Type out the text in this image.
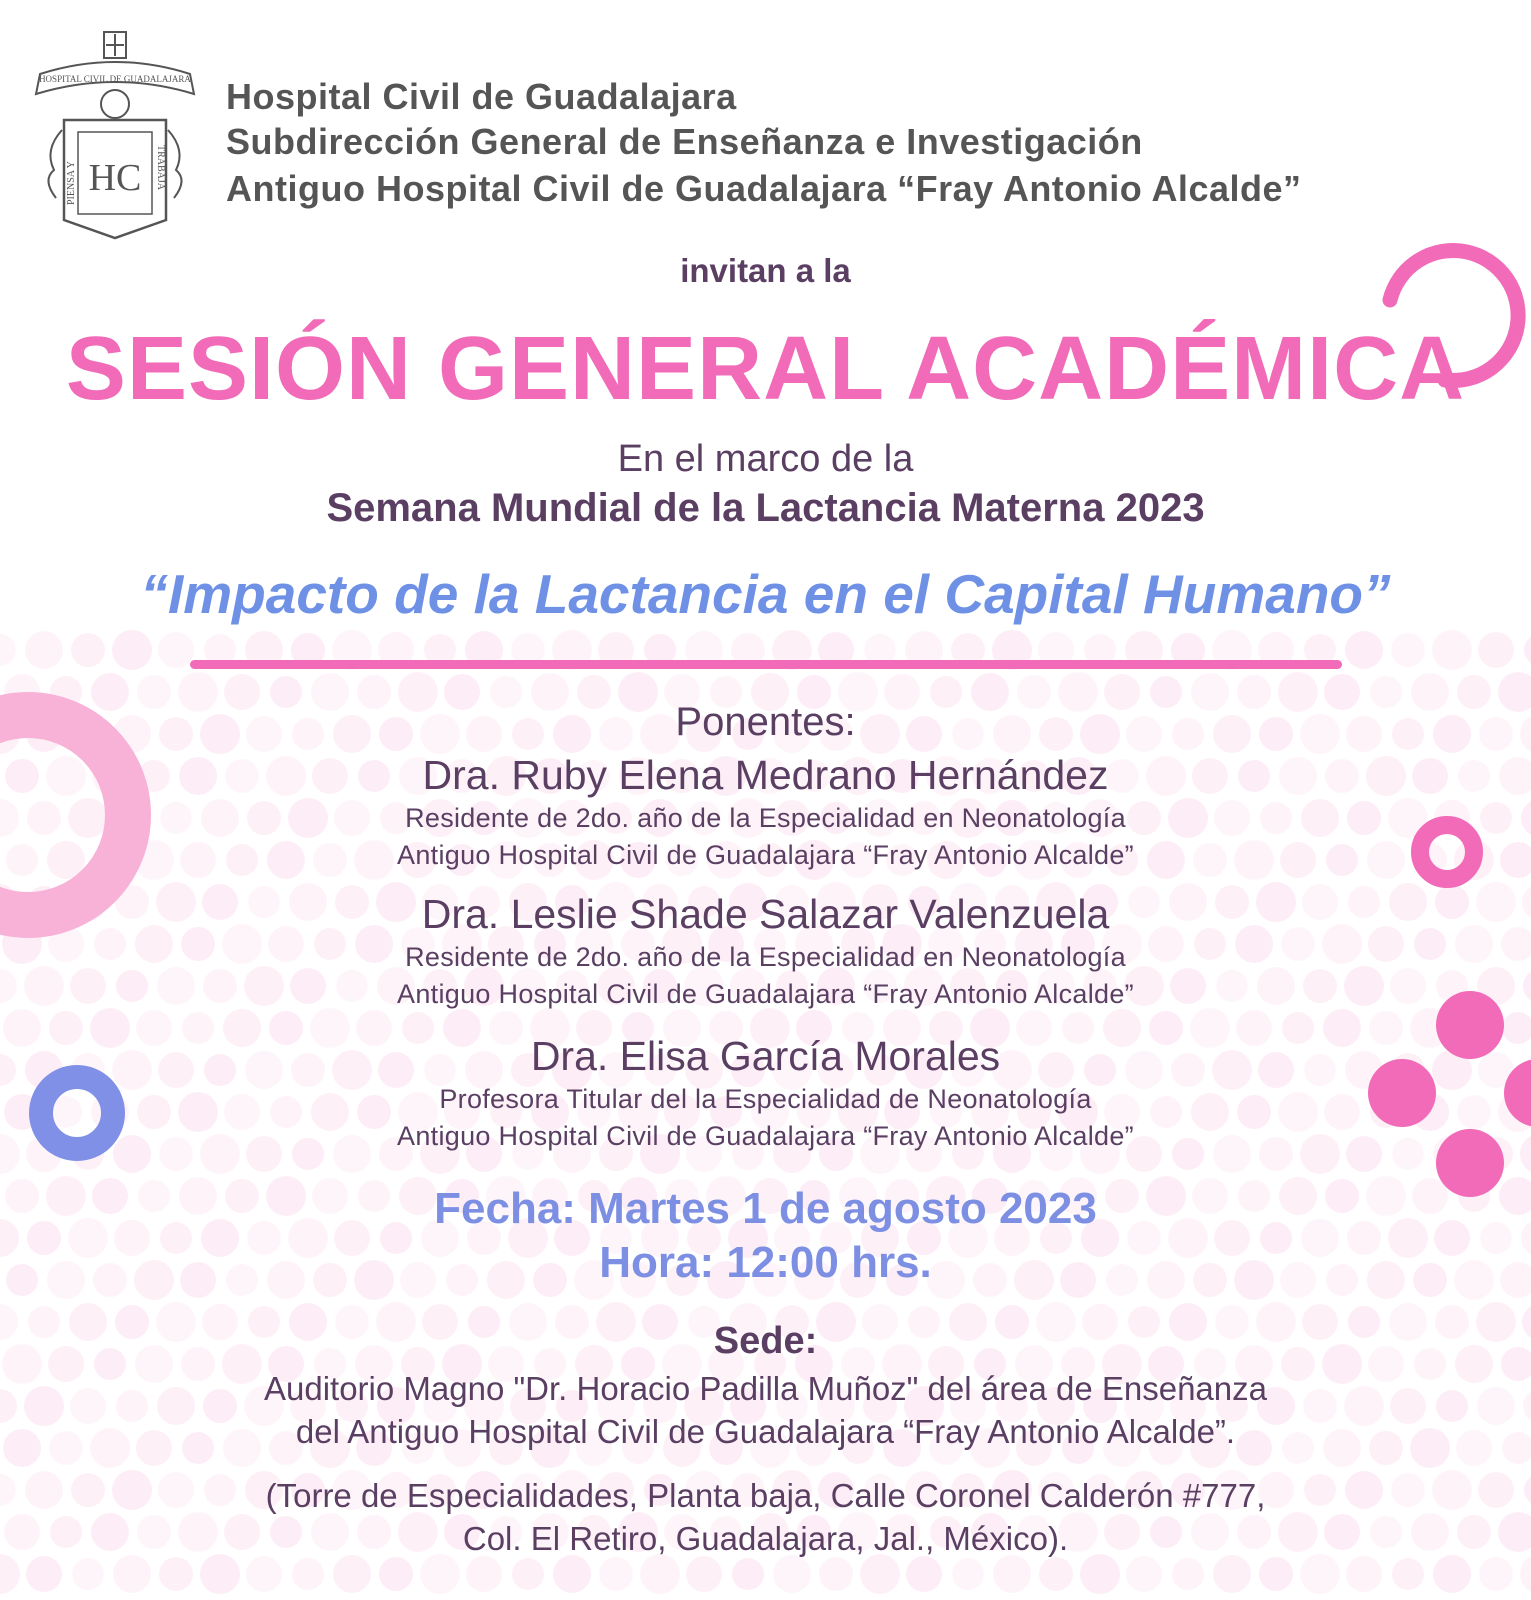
HOSPITAL CIVIL DE GUADALAJARA
HC
PIENSA Y	TRABAJA
Hospital Civil de Guadalajara
Subdirección General de Enseñanza e Investigación
Antiguo Hospital Civil de Guadalajara “Fray Antonio Alcalde”
invitan a la
SESIÓN GENERAL ACADÉMICA
En el marco de la
Semana Mundial de la Lactancia Materna 2023
“Impacto de la Lactancia en el Capital Humano”
Ponentes:
Dra. Ruby Elena Medrano Hernández
Residente de 2do. año de la Especialidad en Neonatología
Antiguo Hospital Civil de Guadalajara “Fray Antonio Alcalde”
Dra. Leslie Shade Salazar Valenzuela
Residente de 2do. año de la Especialidad en Neonatología
Antiguo Hospital Civil de Guadalajara “Fray Antonio Alcalde”
Dra. Elisa García Morales
Profesora Titular del la Especialidad de Neonatología
Antiguo Hospital Civil de Guadalajara “Fray Antonio Alcalde”
Fecha: Martes 1 de agosto 2023
Hora: 12:00 hrs.
Sede:
Auditorio Magno "Dr. Horacio Padilla Muñoz" del área de Enseñanza
del Antiguo Hospital Civil de Guadalajara “Fray Antonio Alcalde”.
(Torre de Especialidades, Planta baja, Calle Coronel Calderón #777,
Col. El Retiro, Guadalajara, Jal., México).
